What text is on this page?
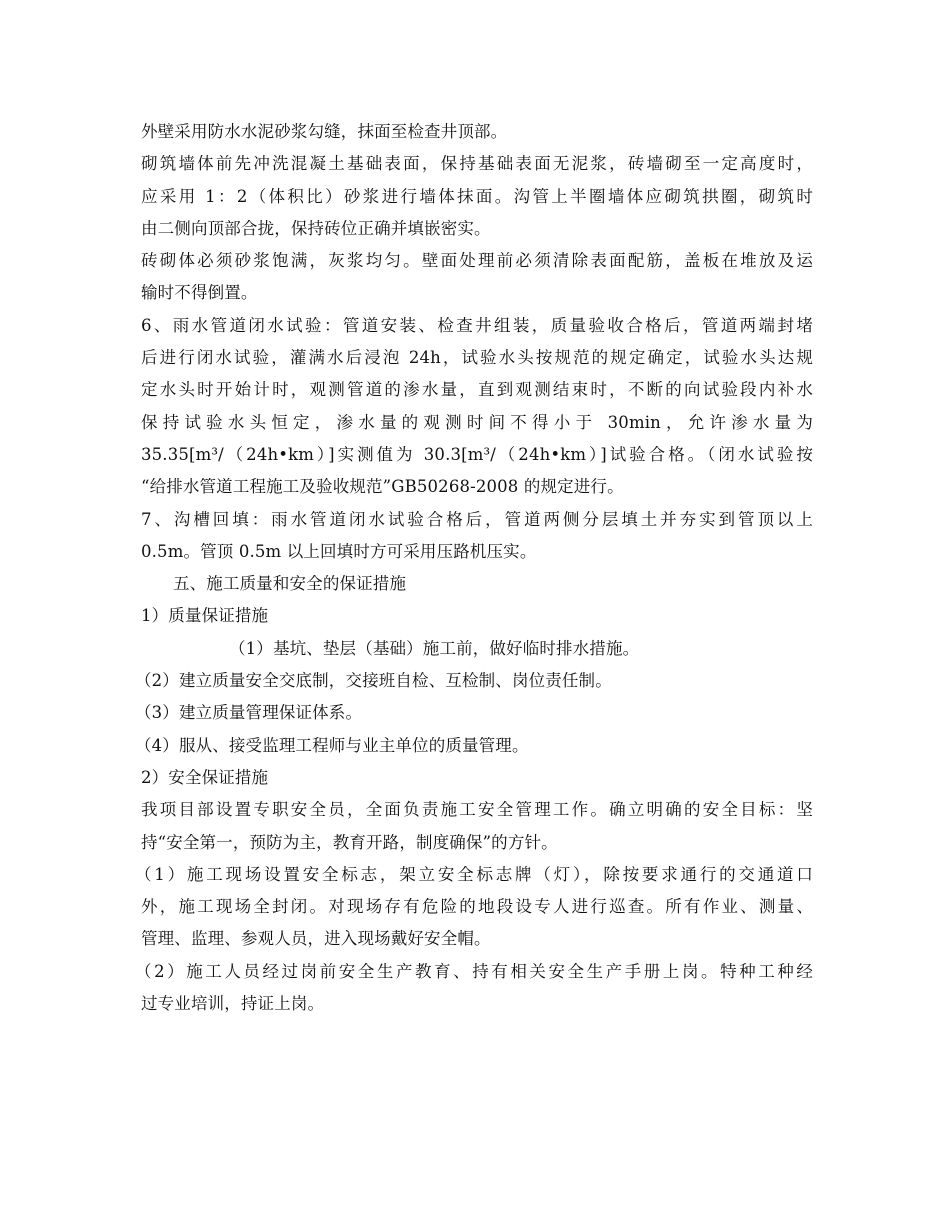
外壁采用防水水泥砂浆勾缝，抹面至检查井顶部。
砌筑墙体前先冲洗混凝土基础表面，保持基础表面无泥浆，砖墙砌至一定高度时，
应采用 1：2（体积比）砂浆进行墙体抹面。沟管上半圈墙体应砌筑拱圈，砌筑时
由二侧向顶部合拢，保持砖位正确并填嵌密实。
砖砌体必须砂浆饱满，灰浆均匀。壁面处理前必须清除表面配筋，盖板在堆放及运
输时不得倒置。
6、雨水管道闭水试验：管道安装、检查井组装，质量验收合格后，管道两端封堵
后进行闭水试验，灌满水后浸泡 24h，试验水头按规范的规定确定，试验水头达规
定水头时开始计时，观测管道的渗水量，直到观测结束时，不断的向试验段内补水
保持试验水头恒定，渗水量的观测时间不得小于 30min，允许渗水量为
35.35[m³/（24h•km）]实测值为 30.3[m³/（24h•km）]试验合格。（闭水试验按
“给排水管道工程施工及验收规范”GB50268-2008 的规定进行。
7、沟槽回填：雨水管道闭水试验合格后，管道两侧分层填土并夯实到管顶以上
0.5m。管顶 0.5m 以上回填时方可采用压路机压实。
五、施工质量和安全的保证措施
1）质量保证措施
（1）基坑、垫层（基础）施工前，做好临时排水措施。
（2）建立质量安全交底制，交接班自检、互检制、岗位责任制。
（3）建立质量管理保证体系。
（4）服从、接受监理工程师与业主单位的质量管理。
2）安全保证措施
我项目部设置专职安全员，全面负责施工安全管理工作。确立明确的安全目标：坚
持“安全第一，预防为主，教育开路，制度确保”的方针。
（1）施工现场设置安全标志，架立安全标志牌（灯），除按要求通行的交通道口
外，施工现场全封闭。对现场存有危险的地段设专人进行巡查。所有作业、测量、
管理、监理、参观人员，进入现场戴好安全帽。
（2）施工人员经过岗前安全生产教育、持有相关安全生产手册上岗。特种工种经
过专业培训，持证上岗。
